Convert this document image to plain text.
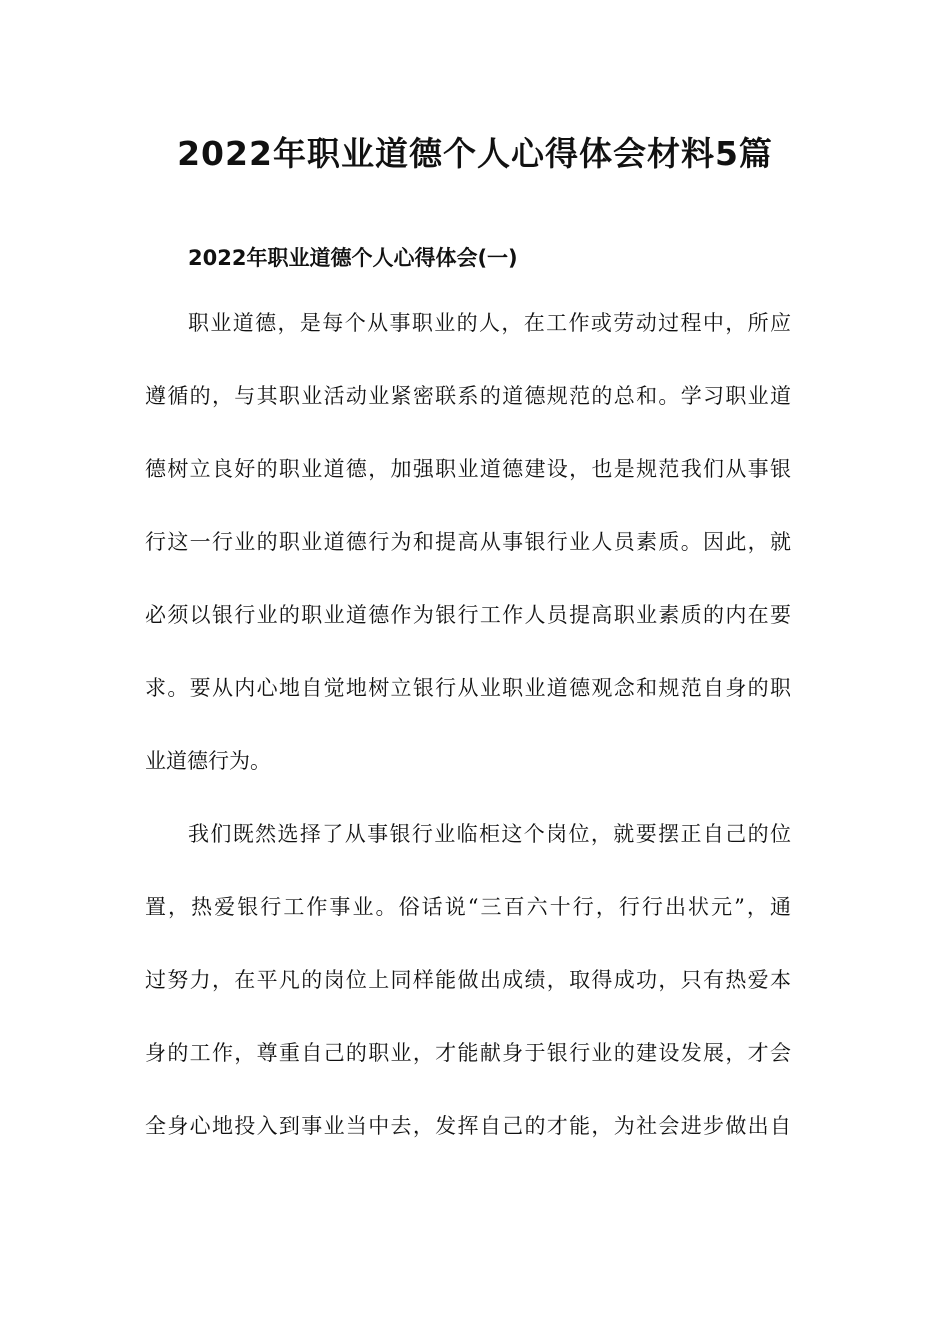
2022年职业道德个人心得体会材料5篇
2022年职业道德个人心得体会(一)
职业道德，是每个从事职业的人，在工作或劳动过程中，所应
遵循的，与其职业活动业紧密联系的道德规范的总和。学习职业道
德树立良好的职业道德，加强职业道德建设，也是规范我们从事银
行这一行业的职业道德行为和提高从事银行业人员素质。因此，就
必须以银行业的职业道德作为银行工作人员提高职业素质的内在要
求。要从内心地自觉地树立银行从业职业道德观念和规范自身的职
业道德行为。
我们既然选择了从事银行业临柜这个岗位，就要摆正自己的位
置，热爱银行工作事业。俗话说“三百六十行，行行出状元”，通
过努力，在平凡的岗位上同样能做出成绩，取得成功，只有热爱本
身的工作，尊重自己的职业，才能献身于银行业的建设发展，才会
全身心地投入到事业当中去，发挥自己的才能，为社会进步做出自
